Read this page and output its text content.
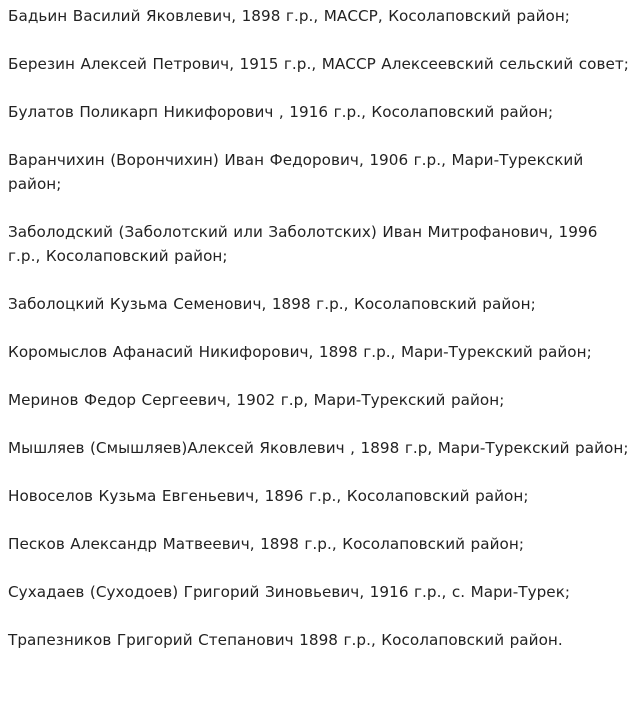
Бадьин Василий Яковлевич, 1898 г.р., МАССР, Косолаповский район;

Березин Алексей Петрович, 1915 г.р., МАССР Алексеевский сельский совет;

Булатов Поликарп Никифорович , 1916 г.р., Косолаповский район;

Варанчихин (Ворончихин) Иван Федорович, 1906 г.р., Мари-Турекский район;

Заболодский (Заболотский или Заболотских) Иван Митрофанович, 1996 г.р., Косолаповский район;

Заболоцкий Кузьма Семенович, 1898 г.р., Косолаповский район;

Коромыслов Афанасий Никифорович, 1898 г.р., Мари-Турекский район;

Меринов Федор Сергеевич, 1902 г.р, Мари-Турекский район;

Мышляев (Смышляев)Алексей Яковлевич , 1898 г.р, Мари-Турекский район;

Новоселов Кузьма Евгеньевич, 1896 г.р., Косолаповский район;

Песков Александр Матвеевич, 1898 г.р., Косолаповский район;

Сухадаев (Суходоев) Григорий Зиновьевич, 1916 г.р., с. Мари-Турек;

Трапезников Григорий Степанович 1898 г.р., Косолаповский район.
